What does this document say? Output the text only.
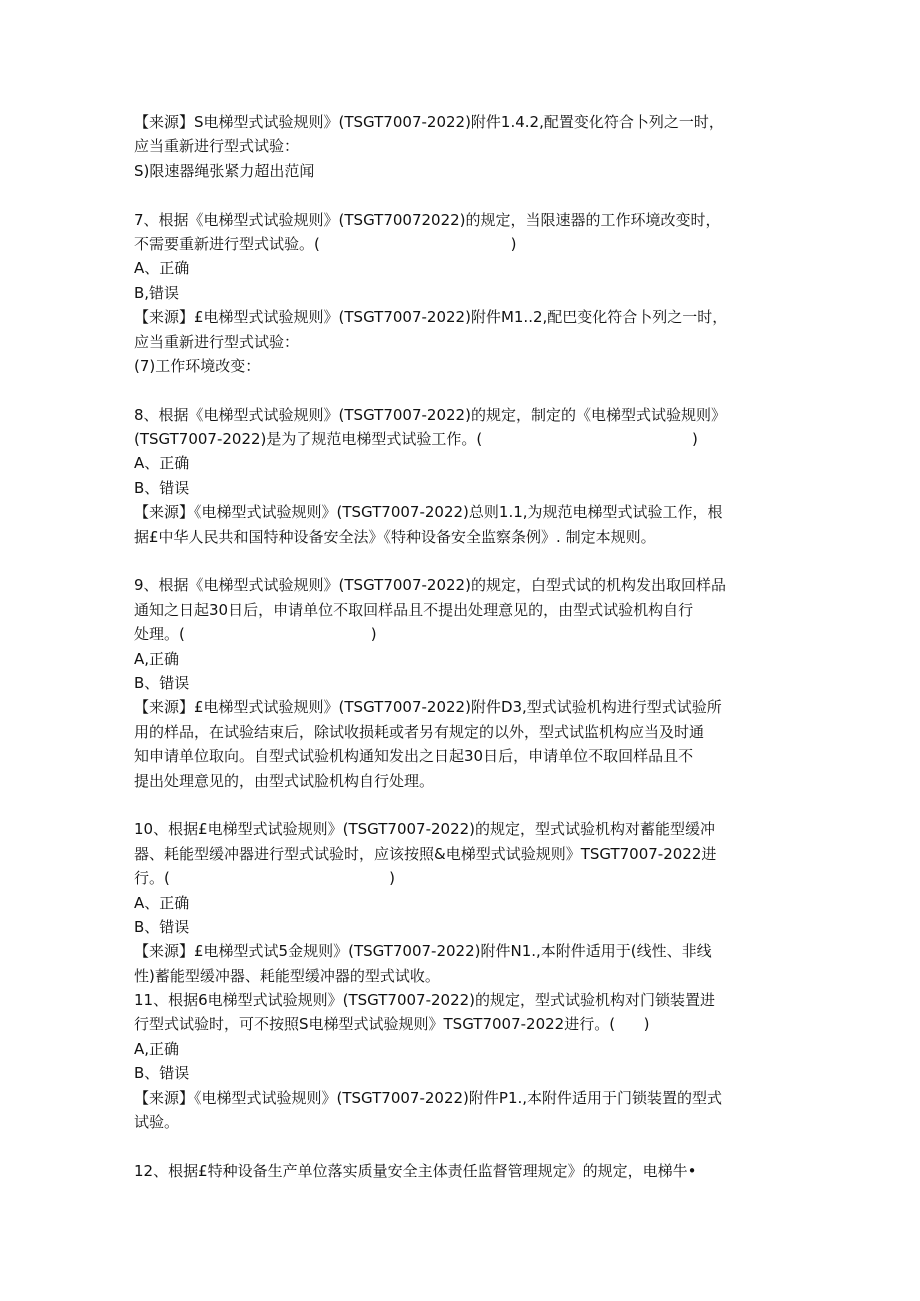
【来源】S电梯型式试验规则》(TSGT7007-2022)附件1.4.2,配置变化符合卜列之一时，
应当重新进行型式试验：
S)限速器绳张紧力超出范闻
7、根据《电梯型式试验规则》(TSGT70072022)的规定，当限速器的工作环境改变时，
不需要重新进行型式试验。(                                        )
A、正确
B,错误
【来源】£电梯型式试验规则》(TSGT7007-2022)附件M1..2,配巴变化符合卜列之一时，
应当重新进行型式试验：
(7)工作环境改变：
8、根据《电梯型式试验规则》(TSGT7007-2022)的规定，制定的《电梯型式试验规则》
(TSGT7007-2022)是为了规范电梯型式试验工作。(                                            )
A、正确
B、错误
【来源】《电梯型式试验规则》(TSGT7007-2022)总则1.1,为规范电梯型式试验工作，根
据£中华人民共和国特种设备安全法》《特种设备安全监察条例》. 制定本规则。
9、根据《电梯型式试验规则》(TSGT7007-2022)的规定，白型式试的机构发出取回样品
通知之日起30日后，申请单位不取回样品且不提出处理意见的，由型式试验机构自行
处理。(                                       )
A,正确
B、错误
【来源】£电梯型式试验规则》(TSGT7007-2022)附件D3,型式试验机构进行型式试验所
用的样品，在试验结束后，除试收损耗或者另有规定的以外，型式试监机构应当及时通
知申请单位取向。自型式试验机构通知发出之日起30日后，申请单位不取回样品且不
提出处理意见的，由型式试脸机构自行处理。
10、根据£电梯型式试验规则》(TSGT7007-2022)的规定，型式试验机构对蓄能型缓冲
器、耗能型缓冲器进行型式试验时，应该按照&电梯型式试验规则》TSGT7007-2022进
行。(                                              )
A、正确
B、错误
【来源】£电梯型式试5金规则》(TSGT7007-2022)附件N1.,本附件适用于(线性、非线
性)蓄能型缓冲器、耗能型缓冲器的型式试收。
11、根据6电梯型式试验规则》(TSGT7007-2022)的规定，型式试验机构对门锁装置进
行型式试验时，可不按照S电梯型式试验规则》TSGT7007-2022进行。(      )
A,正确
B、错误
【来源】《电梯型式试验规则》(TSGT7007-2022)附件P1.,本附件适用于门锁装置的型式
试验。
12、根据£特种设备生产单位落实质量安全主体责任监督管理规定》的规定，电梯牛•
